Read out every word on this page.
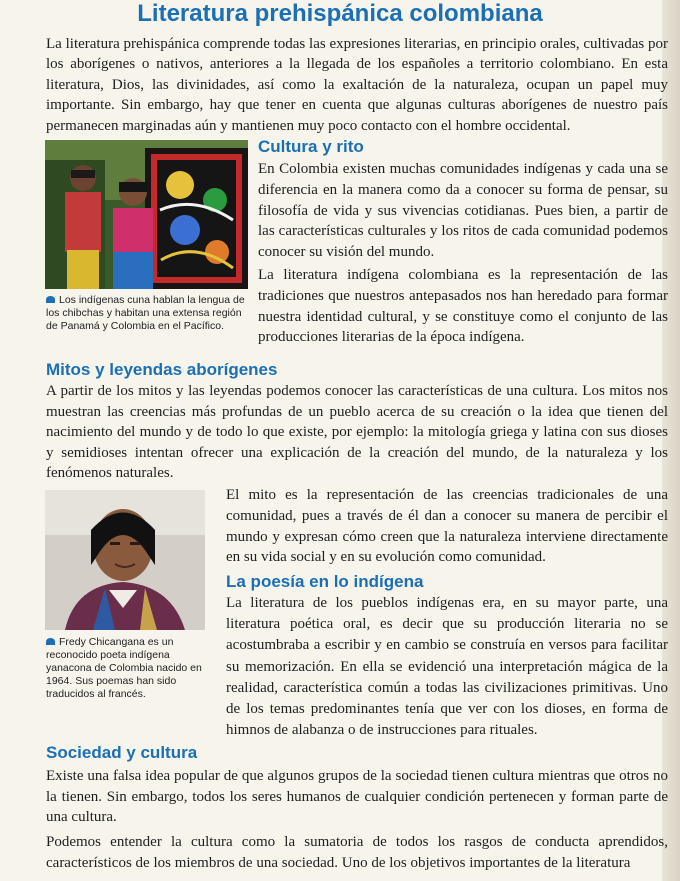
Literatura prehispánica colombiana
La literatura prehispánica comprende todas las expresiones literarias, en principio orales, cultivadas por los aborígenes o nativos, anteriores a la llegada de los españoles a territorio colombiano. En esta literatura, Dios, las divinidades, así como la exaltación de la naturaleza, ocupan un papel muy importante. Sin embargo, hay que tener en cuenta que algunas culturas aborígenes de nuestro país permanecen marginadas aún y mantienen muy poco contacto con el hombre occidental.
Los indígenas cuna hablan la lengua de los chibchas y habitan una extensa región de Panamá y Colombia en el Pacífico.
Cultura y rito
En Colombia existen muchas comunidades indígenas y cada una se diferencia en la manera como da a conocer su forma de pensar, su filosofía de vida y sus vivencias cotidianas. Pues bien, a partir de las características culturales y los ritos de cada comunidad podemos conocer su visión del mundo.
La literatura indígena colombiana es la representación de las tradiciones que nuestros antepasados nos han heredado para formar nuestra identidad cultural, y se constituye como el conjunto de las producciones literarias de la época indígena.
Mitos y leyendas aborígenes
A partir de los mitos y las leyendas podemos conocer las características de una cultura. Los mitos nos muestran las creencias más profundas de un pueblo acerca de su creación o la idea que tienen del nacimiento del mundo y de todo lo que existe, por ejemplo: la mitología griega y latina con sus dioses y semidioses intentan ofrecer una explicación de la creación del mundo, de la naturaleza y los fenómenos naturales.
Fredy Chicangana es un reconocido poeta indígena yanacona de Colombia nacido en 1964. Sus poemas han sido traducidos al francés.
El mito es la representación de las creencias tradicionales de una comunidad, pues a través de él dan a conocer su manera de percibir el mundo y expresan cómo creen que la naturaleza interviene directamente en su vida social y en su evolución como comunidad.
La poesía en lo indígena
La literatura de los pueblos indígenas era, en su mayor parte, una literatura poética oral, es decir que su producción literaria no se acostumbraba a escribir y en cambio se construía en versos para facilitar su memorización. En ella se evidenció una interpretación mágica de la realidad, característica común a todas las civilizaciones primitivas. Uno de los temas predominantes tenía que ver con los dioses, en forma de himnos de alabanza o de instrucciones para rituales.
Sociedad y cultura
Existe una falsa idea popular de que algunos grupos de la sociedad tienen cultura mientras que otros no la tienen. Sin embargo, todos los seres humanos de cualquier condición pertenecen y forman parte de una cultura.
Podemos entender la cultura como la sumatoria de todos los rasgos de conducta aprendidos, característicos de los miembros de una sociedad. Uno de los objetivos importantes de la literatura
